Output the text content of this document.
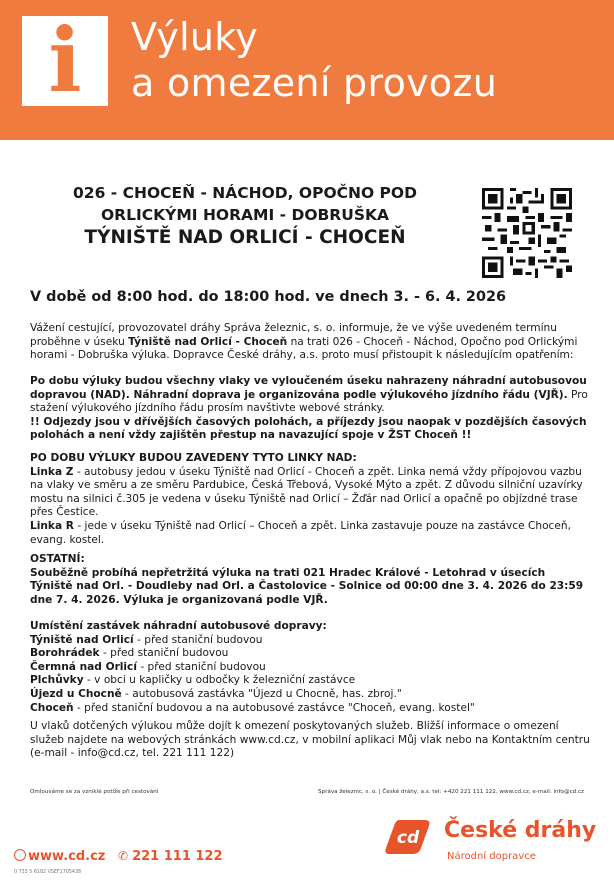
i	Výluky
a omezení provozu
026 - CHOCEŇ - NÁCHOD, OPOČNO POD
ORLICKÝMI HORAMI - DOBRUŠKA
TÝNIŠTĚ NAD ORLICÍ - CHOCEŇ
V době od 8:00 hod. do 18:00 hod. ve dnech 3. - 6. 4. 2026
Vážení cestující, provozovatel dráhy Správa železnic, s. o. informuje, že ve výše uvedeném termínu proběhne v úseku Týniště nad Orlicí - Choceň na trati 026 - Choceň - Náchod, Opočno pod Orlickými horami - Dobruška výluka. Dopravce České dráhy, a.s. proto musí přistoupit k následujícím opatřením:
Po dobu výluky budou všechny vlaky ve vyloučeném úseku nahrazeny náhradní autobusovou dopravou (NAD). Náhradní doprava je organizována podle výlukového jízdního řádu (VJŘ). Pro stažení výlukového jízdního řádu prosím navštivte webové stránky.
!! Odjezdy jsou v dřívějších časových polohách, a příjezdy jsou naopak v pozdějších časových polohách a není vždy zajištěn přestup na navazující spoje v ŽST Choceň !!
PO DOBU VÝLUKY BUDOU ZAVEDENY TYTO LINKY NAD:
Linka Z - autobusy jedou v úseku Týniště nad Orlicí - Choceň a zpět. Linka nemá vždy přípojovou vazbu na vlaky ve směru a ze směru Pardubice, Česká Třebová, Vysoké Mýto a zpět. Z důvodu silniční uzavírky mostu na silnici č.305 je vedena v úseku Týniště nad Orlicí – Žďár nad Orlicí a opačně po objízdné trase přes Čestice.
Linka R - jede v úseku Týniště nad Orlicí – Choceň a zpět. Linka zastavuje pouze na zastávce Choceň, evang. kostel.
OSTATNÍ:
Souběžně probíhá nepřetržitá výluka na trati 021 Hradec Králové - Letohrad v úsecích Týniště nad Orl. - Doudleby nad Orl. a Častolovice - Solnice od 00:00 dne 3. 4. 2026 do 23:59 dne 7. 4. 2026. Výluka je organizovaná podle VJŘ.
Umístění zastávek náhradní autobusové dopravy:
Týniště nad Orlicí - před staniční budovou
Borohrádek - před staniční budovou
Čermná nad Orlicí - před staniční budovou
Plchůvky - v obci u kapličky u odbočky k železniční zastávce
Újezd u Chocně - autobusová zastávka "Újezd u Chocně, has. zbroj."
Choceň - před staniční budovou a na autobusové zastávce "Choceň, evang. kostel"
U vlaků dotčených výlukou může dojít k omezení poskytovaných služeb. Bližší informace o omezení služeb najdete na webových stránkách www.cd.cz, v mobilní aplikaci Můj vlak nebo na Kontaktním centru (e-mail - info@cd.cz, tel. 221 111 122)
Omlouváme se za vzniklé potíže při cestování	Správa železnic, s. o. | České dráhy, a.s. tel: +420 221 111 122, www.cd.cz, e-mail: info@cd.cz
cd České dráhy
Národní dopravce
www.cd.cz ✆ 221 111 122
0 733 5 6182 VSEF1705438
